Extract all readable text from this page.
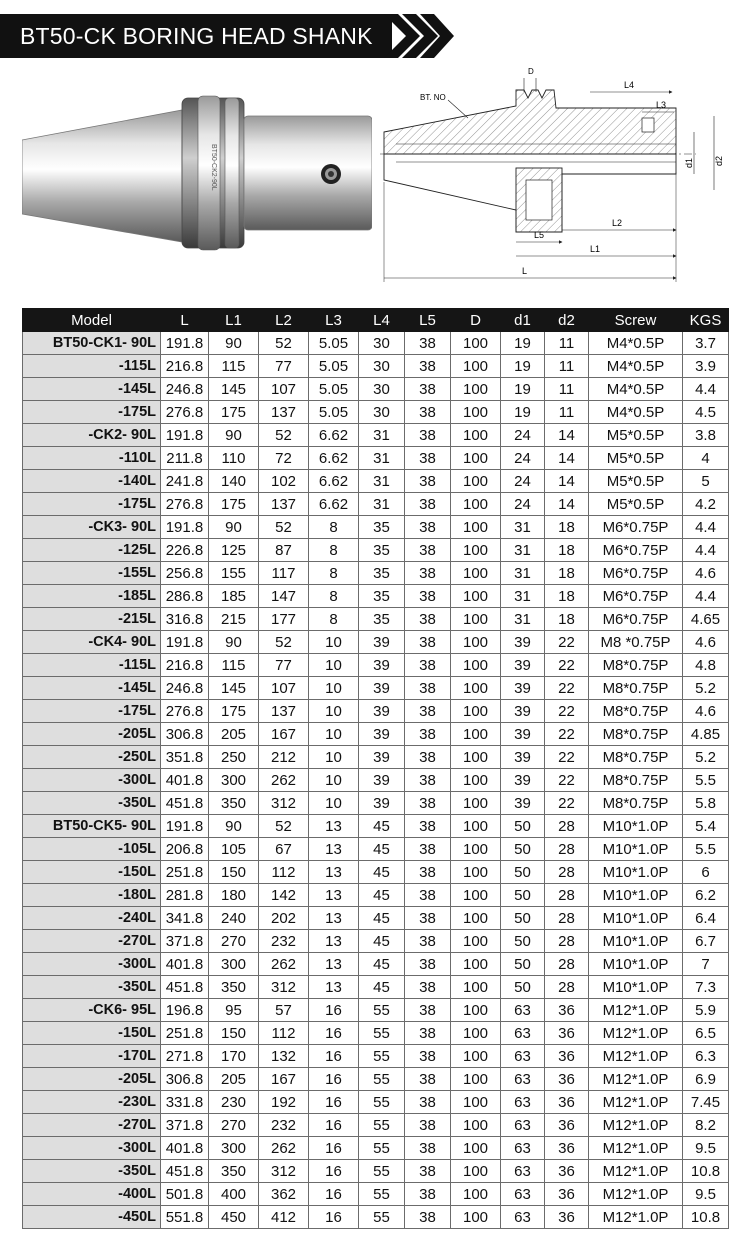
BT50-CK BORING HEAD SHANK
BT50-CK2-90L
BT. NO
D
L4
L3
d1 d2
L2
L5
L1
L
Model	L	L1	L2	L3	L4	L5	D	d1	d2	Screw	KGS
BT50-CK1- 90L	191.8	90	52	5.05	30	38	100	19	11	M4*0.5P	3.7
-115L	216.8	115	77	5.05	30	38	100	19	11	M4*0.5P	3.9
-145L	246.8	145	107	5.05	30	38	100	19	11	M4*0.5P	4.4
-175L	276.8	175	137	5.05	30	38	100	19	11	M4*0.5P	4.5
-CK2- 90L	191.8	90	52	6.62	31	38	100	24	14	M5*0.5P	3.8
-110L	211.8	110	72	6.62	31	38	100	24	14	M5*0.5P	4
-140L	241.8	140	102	6.62	31	38	100	24	14	M5*0.5P	5
-175L	276.8	175	137	6.62	31	38	100	24	14	M5*0.5P	4.2
-CK3- 90L	191.8	90	52	8	35	38	100	31	18	M6*0.75P	4.4
-125L	226.8	125	87	8	35	38	100	31	18	M6*0.75P	4.4
-155L	256.8	155	117	8	35	38	100	31	18	M6*0.75P	4.6
-185L	286.8	185	147	8	35	38	100	31	18	M6*0.75P	4.4
-215L	316.8	215	177	8	35	38	100	31	18	M6*0.75P	4.65
-CK4- 90L	191.8	90	52	10	39	38	100	39	22	M8 *0.75P	4.6
-115L	216.8	115	77	10	39	38	100	39	22	M8*0.75P	4.8
-145L	246.8	145	107	10	39	38	100	39	22	M8*0.75P	5.2
-175L	276.8	175	137	10	39	38	100	39	22	M8*0.75P	4.6
-205L	306.8	205	167	10	39	38	100	39	22	M8*0.75P	4.85
-250L	351.8	250	212	10	39	38	100	39	22	M8*0.75P	5.2
-300L	401.8	300	262	10	39	38	100	39	22	M8*0.75P	5.5
-350L	451.8	350	312	10	39	38	100	39	22	M8*0.75P	5.8
BT50-CK5- 90L	191.8	90	52	13	45	38	100	50	28	M10*1.0P	5.4
-105L	206.8	105	67	13	45	38	100	50	28	M10*1.0P	5.5
-150L	251.8	150	112	13	45	38	100	50	28	M10*1.0P	6
-180L	281.8	180	142	13	45	38	100	50	28	M10*1.0P	6.2
-240L	341.8	240	202	13	45	38	100	50	28	M10*1.0P	6.4
-270L	371.8	270	232	13	45	38	100	50	28	M10*1.0P	6.7
-300L	401.8	300	262	13	45	38	100	50	28	M10*1.0P	7
-350L	451.8	350	312	13	45	38	100	50	28	M10*1.0P	7.3
-CK6- 95L	196.8	95	57	16	55	38	100	63	36	M12*1.0P	5.9
-150L	251.8	150	112	16	55	38	100	63	36	M12*1.0P	6.5
-170L	271.8	170	132	16	55	38	100	63	36	M12*1.0P	6.3
-205L	306.8	205	167	16	55	38	100	63	36	M12*1.0P	6.9
-230L	331.8	230	192	16	55	38	100	63	36	M12*1.0P	7.45
-270L	371.8	270	232	16	55	38	100	63	36	M12*1.0P	8.2
-300L	401.8	300	262	16	55	38	100	63	36	M12*1.0P	9.5
-350L	451.8	350	312	16	55	38	100	63	36	M12*1.0P	10.8
-400L	501.8	400	362	16	55	38	100	63	36	M12*1.0P	9.5
-450L	551.8	450	412	16	55	38	100	63	36	M12*1.0P	10.8
